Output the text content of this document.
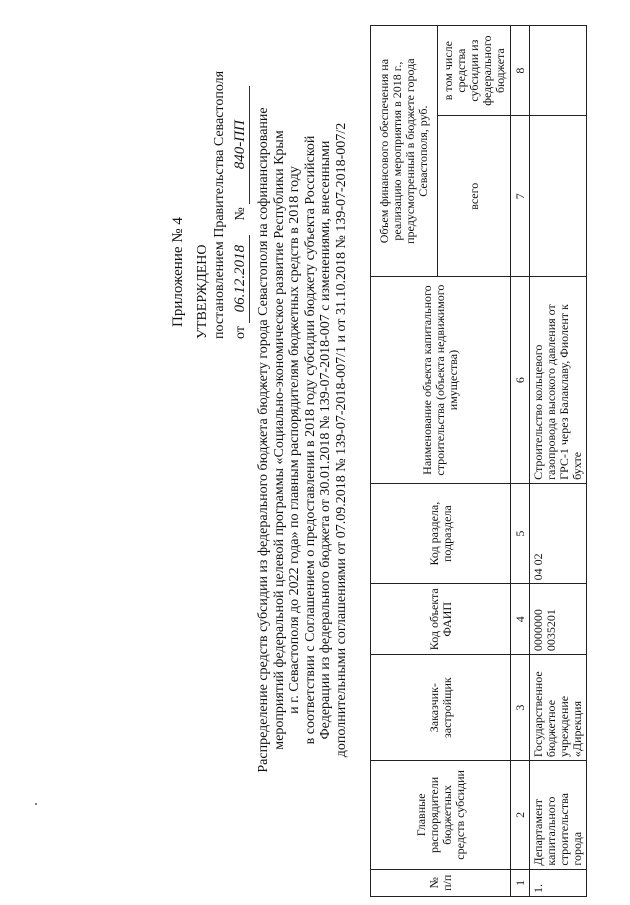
Приложение № 4 УТВЕРЖДЕНО постановлением Правительства Севастополя от 06.12.2018    № 840-ПП Распределение средств субсидии из федерального бюджета бюджету города Севастополя на софинансирование мероприятий федеральной целевой программы «Социально-экономическое развитие Республики Крым и г. Севастополя до 2022 года» по главным распорядителям бюджетных средств в 2018 году в соответствии с Соглашением о предоставлении в 2018 году субсидии бюджету субъекта Российской Федерации из федерального бюджета от 30.01.2018 № 139-07-2018-007 с изменениями, внесенными дополнительными соглашениями от 07.09.2018 № 139-07-2018-007/1 и от 31.10.2018 № 139-07-2018-007/2
№ п/п	Главные распорядители бюджетных средств субсидии	Заказчик-застройщик	Код объекта ФАИП	Код раздела, подраздела	Наименование объекта капитального строительства (объекта недвижимого имущества)	Объем финансового обеспечения на реализацию мероприятия в 2018 г., предусмотренный в бюджете города Севастополя, руб.	
						всего	в том числе средства субсидии из федерального бюджета
1	2	3	4	5	6	7	8
1.	Департамент капитального строительства города	Государственное бюджетное учреждение «Дирекция	0000000 0035201	04 02	Строительство кольцевого газопровода высокого давления от ГРС-1 через Балаклаву, Фиолент к бухте		
